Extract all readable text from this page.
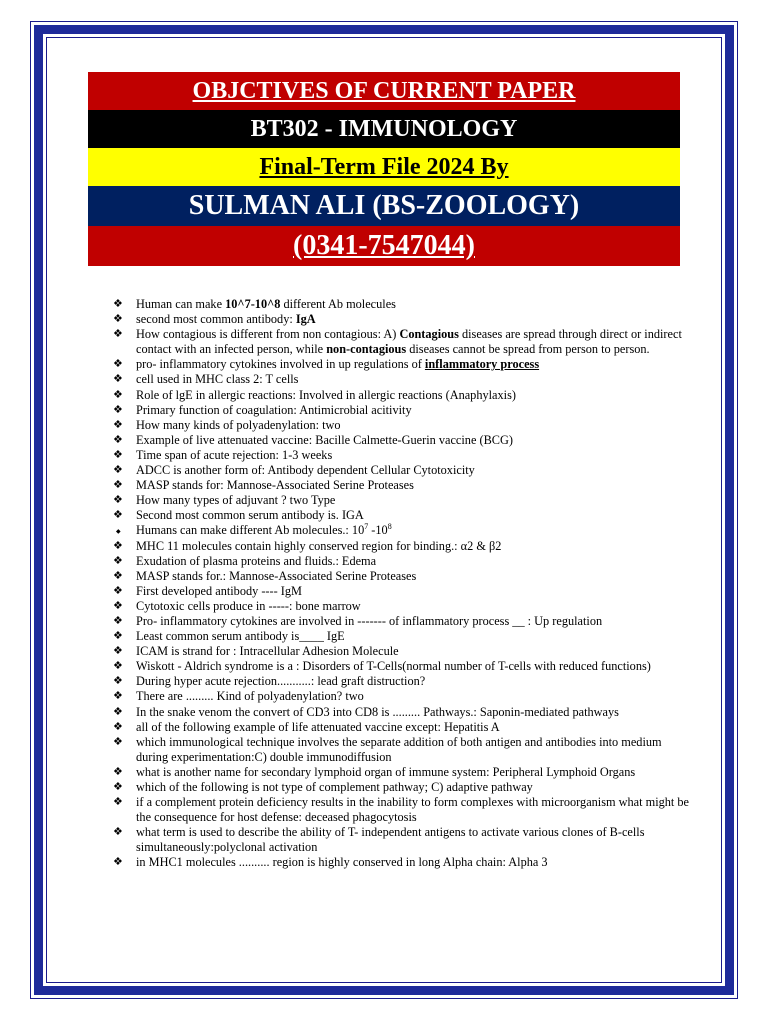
OBJCTIVES OF CURRENT PAPER
BT302 - IMMUNOLOGY
Final-Term File 2024 By
SULMAN ALI (BS-ZOOLOGY)
(0341-7547044)
❖ Human can make 10^7-10^8 different Ab molecules
❖ second most common antibody: IgA
❖ How contagious is different from non contagious: A) Contagious diseases are spread through direct or indirect contact with an infected person, while non-contagious diseases cannot be spread from person to person.
❖ pro- inflammatory cytokines involved in up regulations of inflammatory process
❖ cell used in MHC class 2: T cells
❖ Role of lgE in allergic reactions: Involved in allergic reactions (Anaphylaxis)
❖ Primary function of coagulation: Antimicrobial acitivity
❖ How many kinds of polyadenylation: two
❖ Example of live attenuated vaccine: Bacille Calmette-Guerin vaccine (BCG)
❖ Time span of acute rejection: 1-3 weeks
❖ ADCC is another form of: Antibody dependent Cellular Cytotoxicity
❖ MASP stands for: Mannose-Associated Serine Proteases
❖ How many types of adjuvant ? two Type
❖ Second most common serum antibody is. IGA
◆ Humans can make different Ab molecules.: $10^7$ $-10^8$
❖ MHC 11 molecules contain highly conserved region for binding.: α2 & β2
❖ Exudation of plasma proteins and fluids.: Edema
❖ MASP stands for.: Mannose-Associated Serine Proteases
❖ First developed antibody ---- IgM
❖ Cytotoxic cells produce in -----: bone marrow
❖ Pro- inflammatory cytokines are involved in ------- of inflammatory process __ : Up regulation
❖ Least common serum antibody is____ IgE
❖ ICAM is strand for : Intracellular Adhesion Molecule
❖ Wiskott - Aldrich syndrome is a : Disorders of T-Cells(normal number of T-cells with reduced functions)
❖ During hyper acute rejection...........: lead graft distruction?
❖ There are ......... Kind of polyadenylation? two
❖ In the snake venom the convert of CD3 into CD8 is ......... Pathways.: Saponin-mediated pathways
❖ all of the following example of life attenuated vaccine except: Hepatitis A
❖ which immunological technique involves the separate addition of both antigen and antibodies into medium during experimentation:C) double immunodiffusion
❖ what is another name for secondary lymphoid organ of immune system: Peripheral Lymphoid Organs
❖ which of the following is not type of complement pathway; C) adaptive pathway
❖ if a complement protein deficiency results in the inability to form complexes with microorganism what might be the consequence for host defense: deceased phagocytosis
❖ what term is used to describe the ability of T- independent antigens to activate various clones of B-cells simultaneously:polyclonal activation
❖ in MHC1 molecules .......... region is highly conserved in long Alpha chain: Alpha 3
